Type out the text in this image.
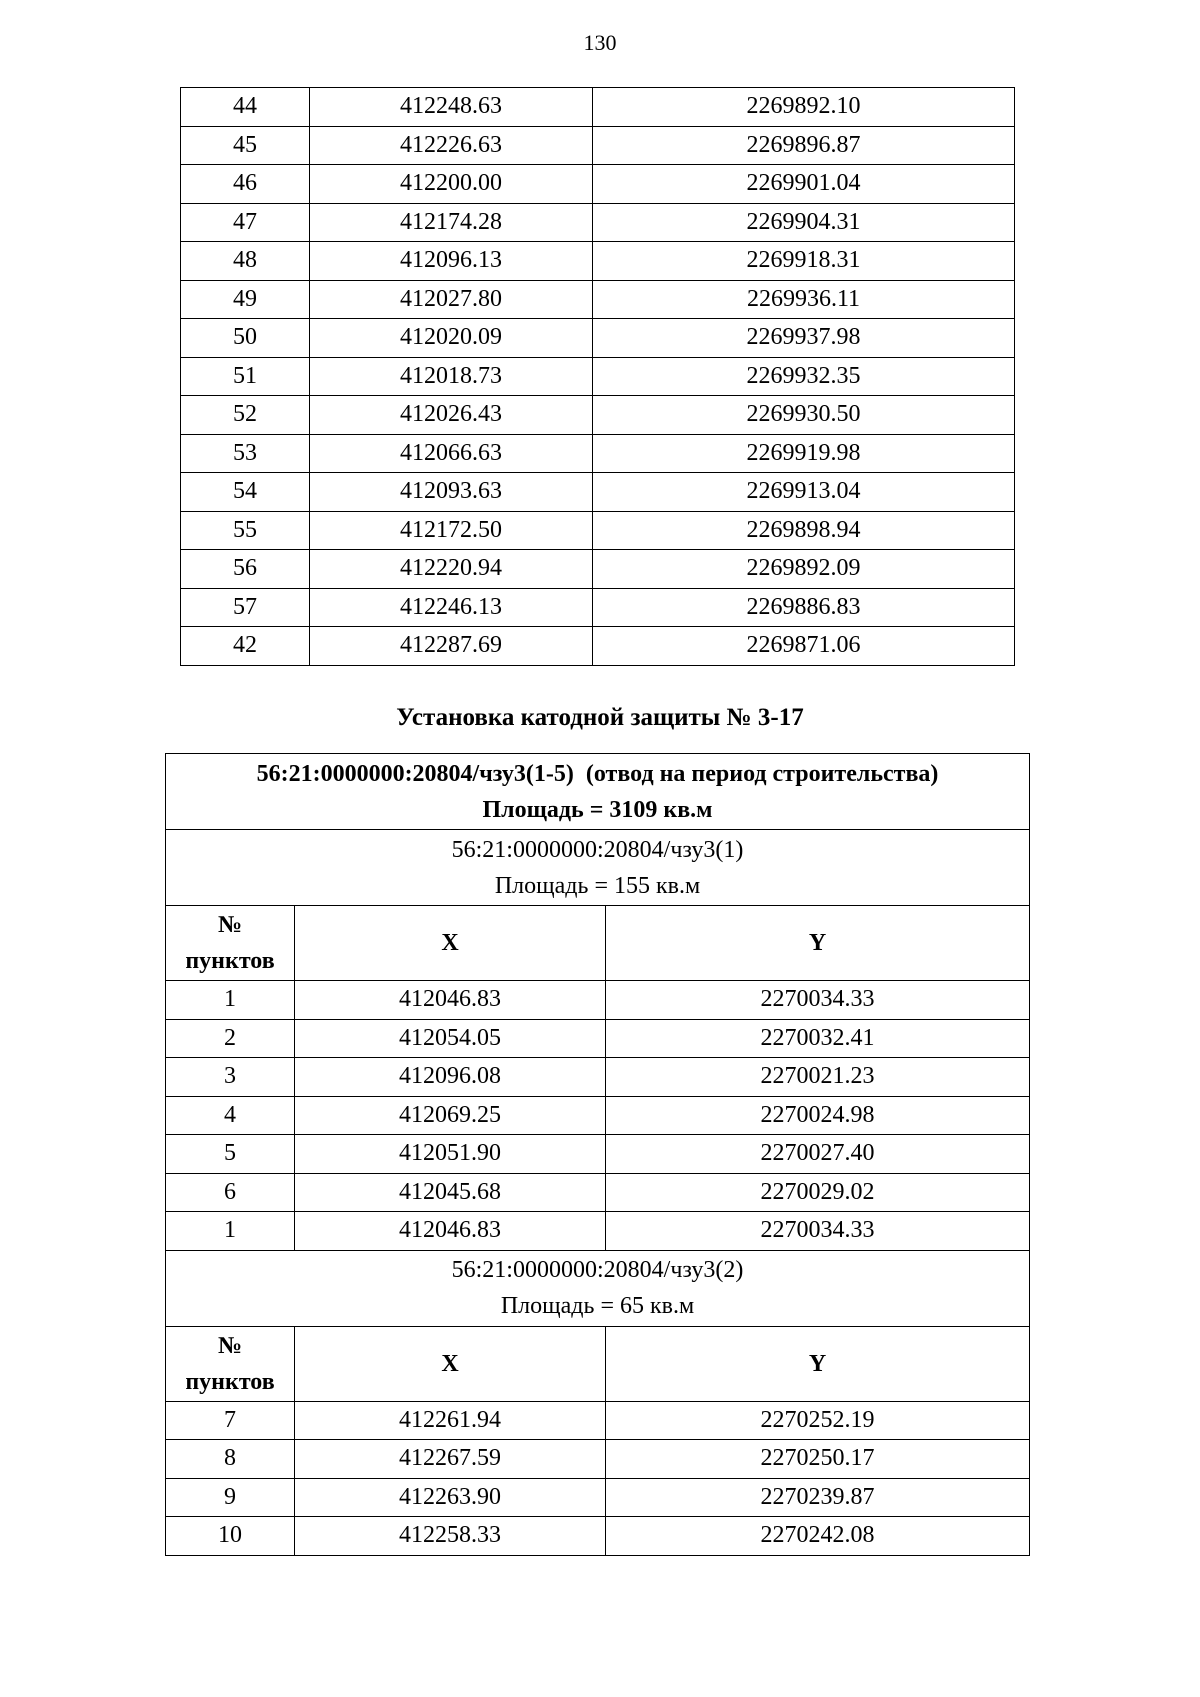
130
44	412248.63	2269892.10
45	412226.63	2269896.87
46	412200.00	2269901.04
47	412174.28	2269904.31
48	412096.13	2269918.31
49	412027.80	2269936.11
50	412020.09	2269937.98
51	412018.73	2269932.35
52	412026.43	2269930.50
53	412066.63	2269919.98
54	412093.63	2269913.04
55	412172.50	2269898.94
56	412220.94	2269892.09
57	412246.13	2269886.83
42	412287.69	2269871.06
Установка катодной защиты № 3-17
56:21:0000000:20804/чзу3(1-5)  (отвод на период строительства)
Площадь = 3109 кв.м		
56:21:0000000:20804/чзу3(1)
Площадь = 155 кв.м		
№
пунктов	X	Y
1	412046.83	2270034.33
2	412054.05	2270032.41
3	412096.08	2270021.23
4	412069.25	2270024.98
5	412051.90	2270027.40
6	412045.68	2270029.02
1	412046.83	2270034.33
56:21:0000000:20804/чзу3(2)
Площадь = 65 кв.м		
№
пунктов	X	Y
7	412261.94	2270252.19
8	412267.59	2270250.17
9	412263.90	2270239.87
10	412258.33	2270242.08
